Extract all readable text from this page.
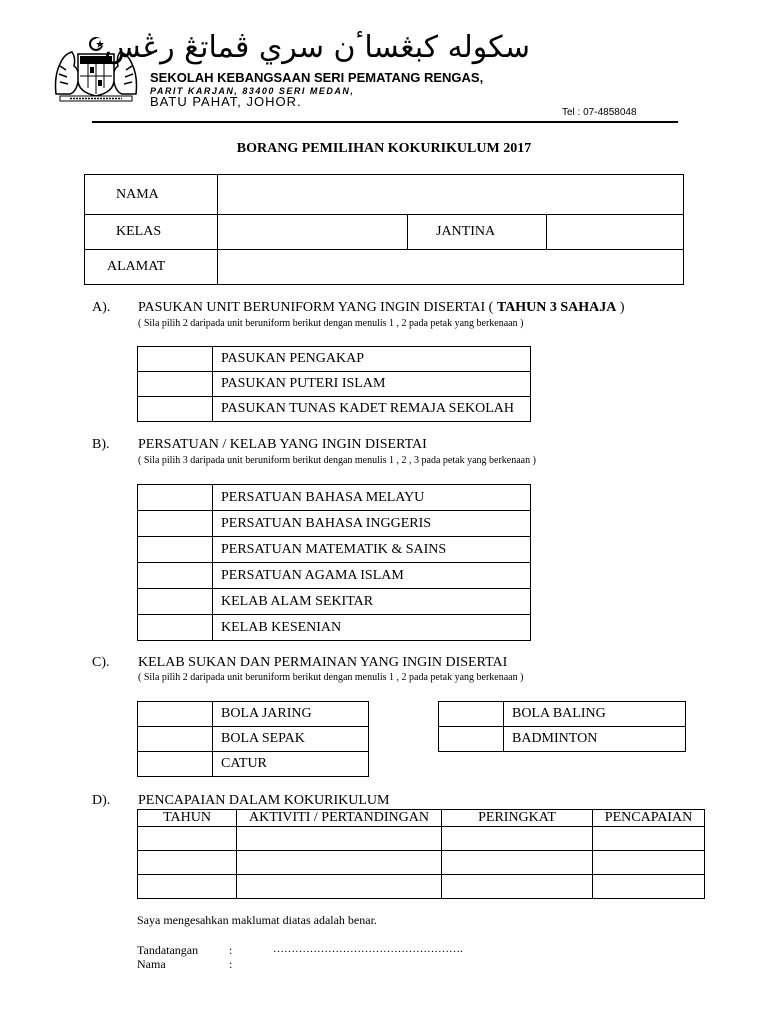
سکوله کبڠساٴن سري ڤماتڠ رڠس
SEKOLAH KEBANGSAAN SERI PEMATANG RENGAS,
PARIT KARJAN, 83400 SERI MEDAN,
BATU PAHAT, JOHOR.
Tel : 07-4858048
BORANG PEMILIHAN KOKURIKULUM 2017
NAMA			
KELAS		JANTINA	
ALAMAT			
A). PASUKAN UNIT BERUNIFORM YANG INGIN DISERTAI ( TAHUN 3 SAHAJA )
( Sila pilih 2 daripada unit beruniform berikut dengan menulis 1 , 2 pada petak yang berkenaan )
	PASUKAN PENGAKAP
	PASUKAN PUTERI ISLAM
	PASUKAN TUNAS KADET REMAJA SEKOLAH
B). PERSATUAN / KELAB YANG INGIN DISERTAI
( Sila pilih 3 daripada unit beruniform berikut dengan menulis 1 , 2 , 3 pada petak yang berkenaan )
	PERSATUAN BAHASA MELAYU
	PERSATUAN BAHASA INGGERIS
	PERSATUAN MATEMATIK & SAINS
	PERSATUAN AGAMA ISLAM
	KELAB ALAM SEKITAR
	KELAB KESENIAN
C). KELAB SUKAN DAN PERMAINAN YANG INGIN DISERTAI
( Sila pilih 2 daripada unit beruniform berikut dengan menulis 1 , 2 pada petak yang berkenaan )
	BOLA JARING
	BOLA SEPAK
	CATUR
	BOLA BALING
	BADMINTON
D). PENCAPAIAN DALAM KOKURIKULUM
TAHUN	AKTIVITI / PERTANDINGAN	PERINGKAT	PENCAPAIAN

Saya mengesahkan maklumat diatas adalah benar.
Tandatangan	:	…………………………………………….
Nama	:
